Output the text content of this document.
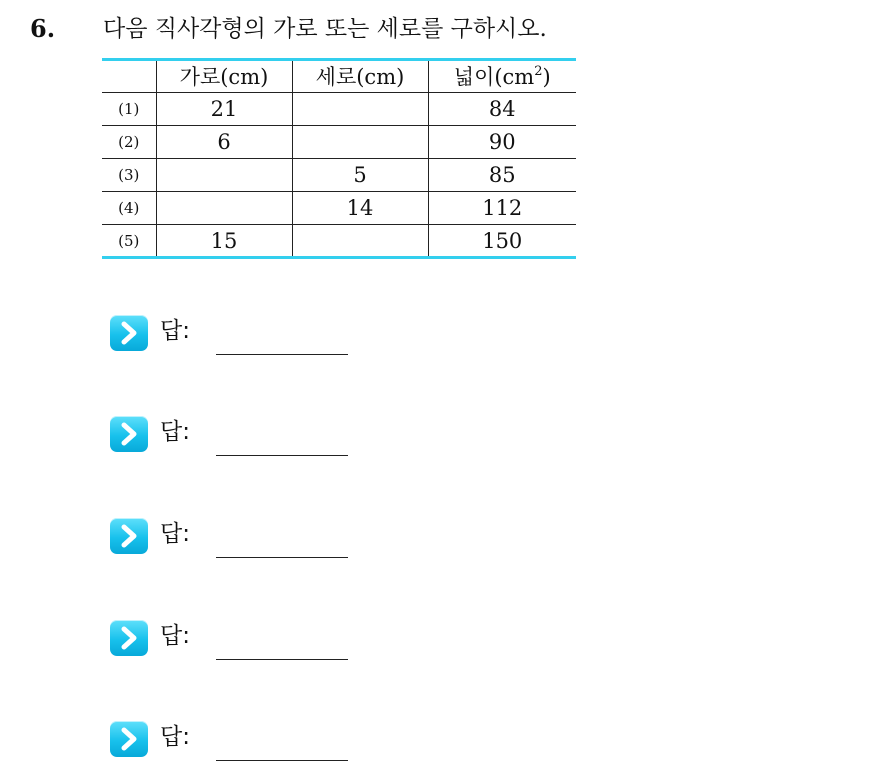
6. 다음 직사각형의 가로 또는 세로를 구하시오.
	가로(cm)	세로(cm)	넓이$(cm^2)$
(1)	21		84
(2)	6		90
(3)		5	85
(4)		14	112
(5)	15		150
답:
답:
답:
답:
답:
